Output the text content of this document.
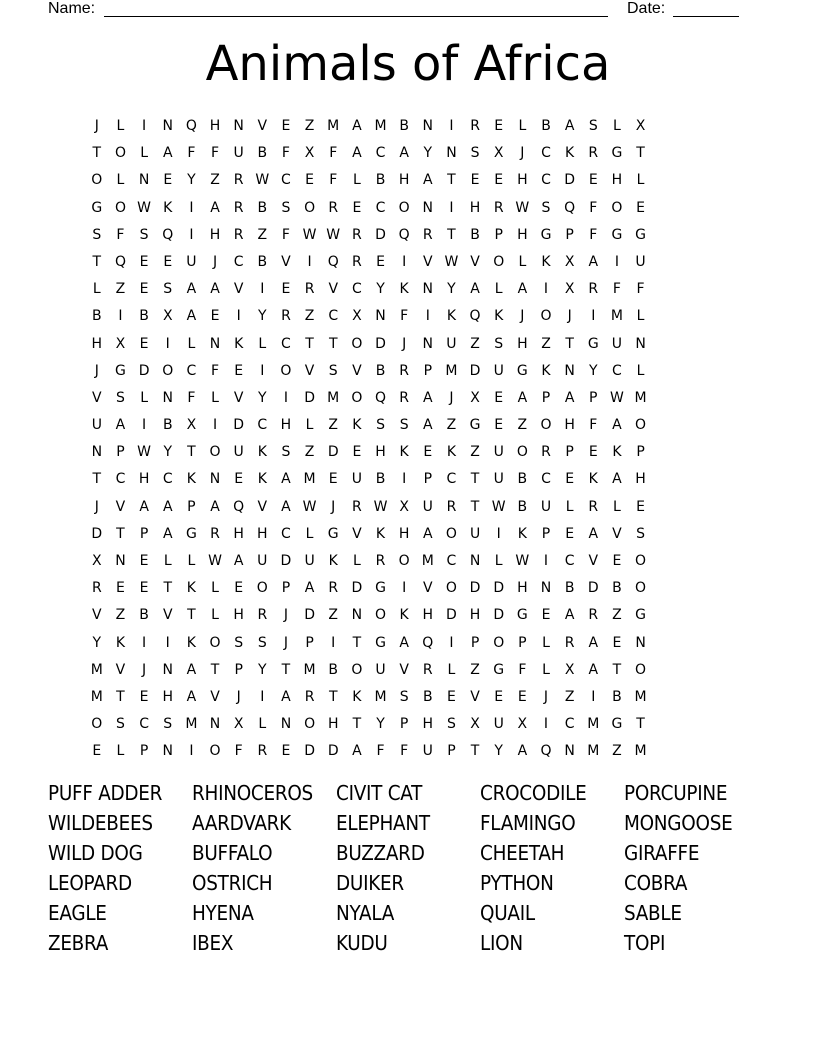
Name:	Date:
Animals of Africa
J	L	I	N Q H N V	E	Z M A M B N	I	R	E	L	B	A	S	L	X
T O	L	A	F	F	U B	F	X	F	A C A	Y	N S	X	J	C	K	R G T
O	L	N E	Y	Z R W C	E	F	L	B H A	T	E	E H C D E H	L
G O W K	I	A R B	S O R	E	C O N	I	H R W S Q	F	O E
S	F	S Q	I	H R Z	F W W R D Q R	T	B	P	H G P	F	G G
T Q E	E	U	J	C B	V	I	Q R	E	I	V W V O	L	K	X	A	I	U
L	Z	E	S	A	A	V	I	E	R V C	Y	K N	Y	A	L	A	I	X R	F	F
B	I	B	X	A	E	I	Y	R Z C X N	F	I	K Q K	J	O	J	I	M L
H X	E	I	L	N K	L	C	T	T O D	J	N U Z	S H Z	T G U N
J	G D O C	F	E	I	O V	S	V	B R	P M D U G K N	Y	C	L
V	S	L	N	F	L	V	Y	I	D M O Q R A	J	X	E	A	P	A	P W M
U A	I	B	X	I	D C H	L	Z	K	S	S	A	Z G E	Z O H	F	A O
N	P W Y	T O U K	S	Z D E H K	E	K	Z U O R	P	E	K	P
T	C H C	K N E	K	A M E	U B	I	P	C	T	U B C	E	K	A H
J	V	A	A	P	A Q V	A W	J	R W X U R	T W B U	L	R	L	E
D T	P	A G R H H C	L	G V	K H A O U	I	K	P	E	A	V	S
X N E	L	L W A U D U K	L	R O M C N	L W	I	C V	E O
R	E	E	T	K	L	E O P	A R D G	I	V O D D H N B D B O
V	Z	B	V	T	L	H R	J	D Z N O K H D H D G E	A R Z G
Y	K	I	I	K O S	S	J	P	I	T G A Q	I	P O P	L	R A	E N
M V	J	N A	T	P	Y	T M B O U V R	L	Z G	F	L	X	A	T O
M T	E H A	V	J	I	A R	T	K M S	B	E	V	E	E	J	Z	I	B M
O S	C	S M N X	L	N O H	T	Y	P	H S	X U X	I	C M G T
E	L	P	N	I	O	F	R	E D D A	F	F	U	P	T	Y	A Q N M Z M
PUFF ADDER	RHINOCEROS	CIVIT CAT	CROCODILE	PORCUPINE
WILDEBEES	AARDVARK	ELEPHANT	FLAMINGO	MONGOOSE
WILD DOG	BUFFALO	BUZZARD	CHEETAH	GIRAFFE
LEOPARD	OSTRICH	DUIKER	PYTHON	COBRA
EAGLE	HYENA	NYALA	QUAIL	SABLE
ZEBRA	IBEX	KUDU	LION	TOPI
